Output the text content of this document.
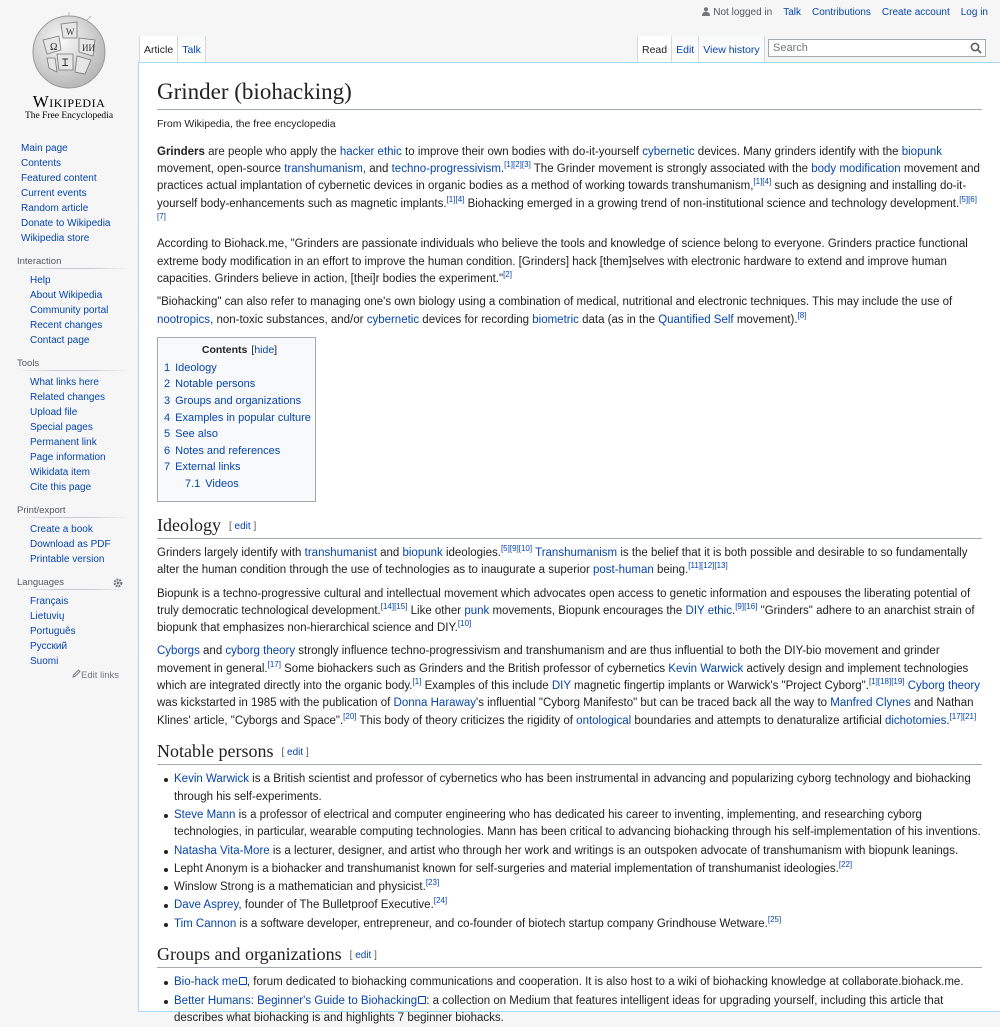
Not logged in Talk Contributions Create account Log in
Ω
W
ИИ
Ꮖ
Wikipedia
The Free Encyclopedia
Article Talk	Read Edit View history	Search
Main page
Contents
Featured content
Current events
Random article
Donate to Wikipedia
Wikipedia store
Interaction
Help
About Wikipedia
Community portal
Recent changes
Contact page
Tools
What links here
Related changes
Upload file
Special pages
Permanent link
Page information
Wikidata item
Cite this page
Print/export
Create a book
Download as PDF
Printable version
Languages
Français
Lietuvių
Português
Русский
Suomi
Edit links
Grinder (biohacking)
From Wikipedia, the free encyclopedia

Grinders are people who apply the hacker ethic to improve their own bodies with do-it-yourself cybernetic devices. Many grinders identify with the biopunk movement, open-source transhumanism, and techno-progressivism.[1][2][3] The Grinder movement is strongly associated with the body modification movement and practices actual implantation of cybernetic devices in organic bodies as a method of working towards transhumanism,[1][4] such as designing and installing do-it-yourself body-enhancements such as magnetic implants.[1][4] Biohacking emerged in a growing trend of non-institutional science and technology development.[5][6][7]

According to Biohack.me, "Grinders are passionate individuals who believe the tools and knowledge of science belong to everyone. Grinders practice functional extreme body modification in an effort to improve the human condition. [Grinders] hack [them]selves with electronic hardware to extend and improve human capacities. Grinders believe in action, [thei]r bodies the experiment."[2]

"Biohacking" can also refer to managing one's own biology using a combination of medical, nutritional and electronic techniques. This may include the use of nootropics, non-toxic substances, and/or cybernetic devices for recording biometric data (as in the Quantified Self movement).[8]

Contents [hide]
1 Ideology
2 Notable persons
3 Groups and organizations
4 Examples in popular culture
5 See also
6 Notes and references
7 External links
7.1 Videos
Ideology [ edit ]

Grinders largely identify with transhumanist and biopunk ideologies.[5][9][10] Transhumanism is the belief that it is both possible and desirable to so fundamentally alter the human condition through the use of technologies as to inaugurate a superior post-human being.[11][12][13]

Biopunk is a techno-progressive cultural and intellectual movement which advocates open access to genetic information and espouses the liberating potential of truly democratic technological development.[14][15] Like other punk movements, Biopunk encourages the DIY ethic.[9][16] "Grinders" adhere to an anarchist strain of biopunk that emphasizes non-hierarchical science and DIY.[10]

Cyborgs and cyborg theory strongly influence techno-progressivism and transhumanism and are thus influential to both the DIY-bio movement and grinder movement in general.[17] Some biohackers such as Grinders and the British professor of cybernetics Kevin Warwick actively design and implement technologies which are integrated directly into the organic body.[1] Examples of this include DIY magnetic fingertip implants or Warwick's "Project Cyborg".[1][18][19] Cyborg theory was kickstarted in 1985 with the publication of Donna Haraway's influential "Cyborg Manifesto" but can be traced back all the way to Manfred Clynes and Nathan Klines' article, "Cyborgs and Space".[20] This body of theory criticizes the rigidity of ontological boundaries and attempts to denaturalize artificial dichotomies.[17][21]

Notable persons [ edit ]
Kevin Warwick is a British scientist and professor of cybernetics who has been instrumental in advancing and popularizing cyborg technology and biohacking through his self-experiments.
Steve Mann is a professor of electrical and computer engineering who has dedicated his career to inventing, implementing, and researching cyborg technologies, in particular, wearable computing technologies. Mann has been critical to advancing biohacking through his self-implementation of his inventions.
Natasha Vita-More is a lecturer, designer, and artist who through her work and writings is an outspoken advocate of transhumanism with biopunk leanings.
Lepht Anonym is a biohacker and transhumanist known for self-surgeries and material implementation of transhumanist ideologies.[22]
Winslow Strong is a mathematician and physicist.[23]
Dave Asprey, founder of The Bulletproof Executive.[24]
Tim Cannon is a software developer, entrepreneur, and co-founder of biotech startup company Grindhouse Wetware.[25]
Groups and organizations [ edit ]
Bio-hack me , forum dedicated to biohacking communications and cooperation. It is also host to a wiki of biohacking knowledge at collaborate.biohack.me.
Better Humans: Beginner's Guide to Biohacking : a collection on Medium that features intelligent ideas for upgrading yourself, including this article that describes what biohacking is and highlights 7 beginner biohacks.
